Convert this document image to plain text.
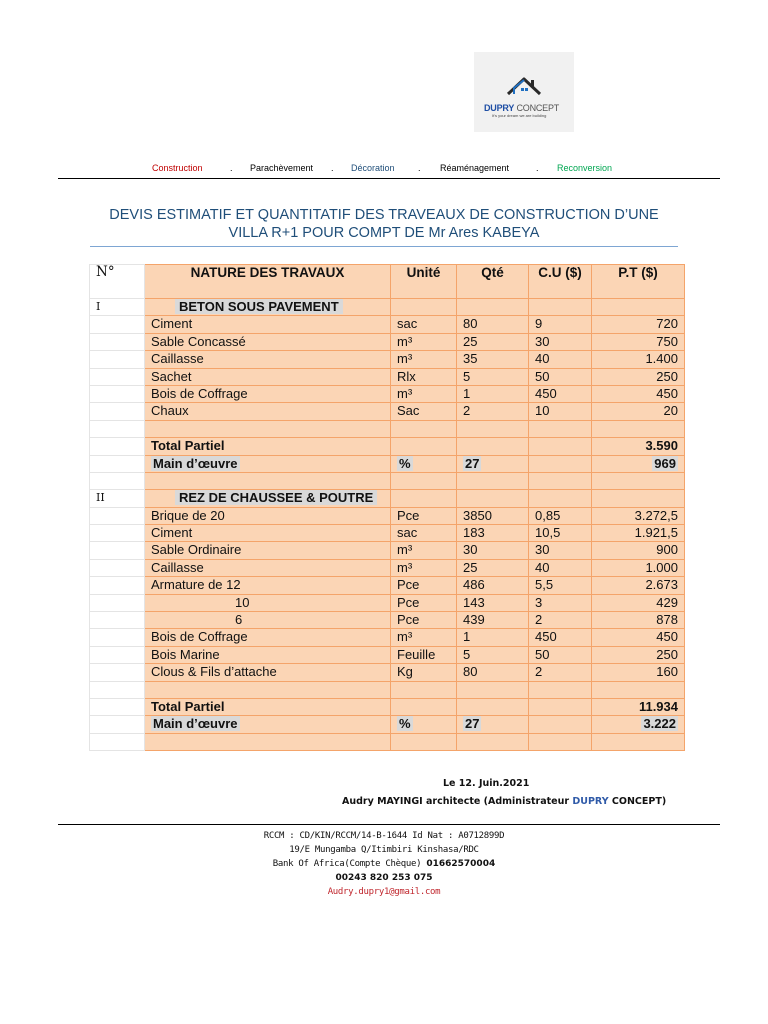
DUPRY CONCEPT
It's your dream we are building
Construction	. Parachèvement . Décoration	. Réaménagement	. Reconversion
DEVIS ESTIMATIF ET QUANTITATIF DES TRAVEAUX DE CONSTRUCTION D’UNE
VILLA R+1 POUR COMPT DE Mr Ares KABEYA
N°	NATURE DES TRAVAUX	Unité	Qté	C.U ($)	P.T ($)
I	BETON SOUS PAVEMENT				
	Ciment	sac	80	9	720
	Sable Concassé	m³	25	30	750
	Caillasse	m³	35	40	1.400
	Sachet	Rlx	5	50	250
	Bois de Coffrage	m³	1	450	450
	Chaux	Sac	2	10	20

	Total Partiel				3.590
	Main d’œuvre	%	27		969

II	REZ DE CHAUSSEE & POUTRE				
	Brique de 20	Pce	3850	0,85	3.272,5
	Ciment	sac	183	10,5	1.921,5
	Sable Ordinaire	m³	30	30	900
	Caillasse	m³	25	40	1.000
	Armature de 12	Pce	486	5,5	2.673
	10	Pce	143	3	429
	6	Pce	439	2	878
	Bois de Coffrage	m³	1	450	450
	Bois Marine	Feuille	5	50	250
	Clous & Fils d’attache	Kg	80	2	160

	Total Partiel				11.934
	Main d’œuvre	%	27		3.222

Le 12. Juin.2021
Audry MAYINGI architecte (Administrateur DUPRY CONCEPT)
RCCM : CD/KIN/RCCM/14-B-1644 Id Nat : A0712899D
19/E Mungamba Q/Itimbiri Kinshasa/RDC
Bank Of Africa(Compte Chèque) 01662570004
00243 820 253 075
Audry.dupry1@gmail.com
